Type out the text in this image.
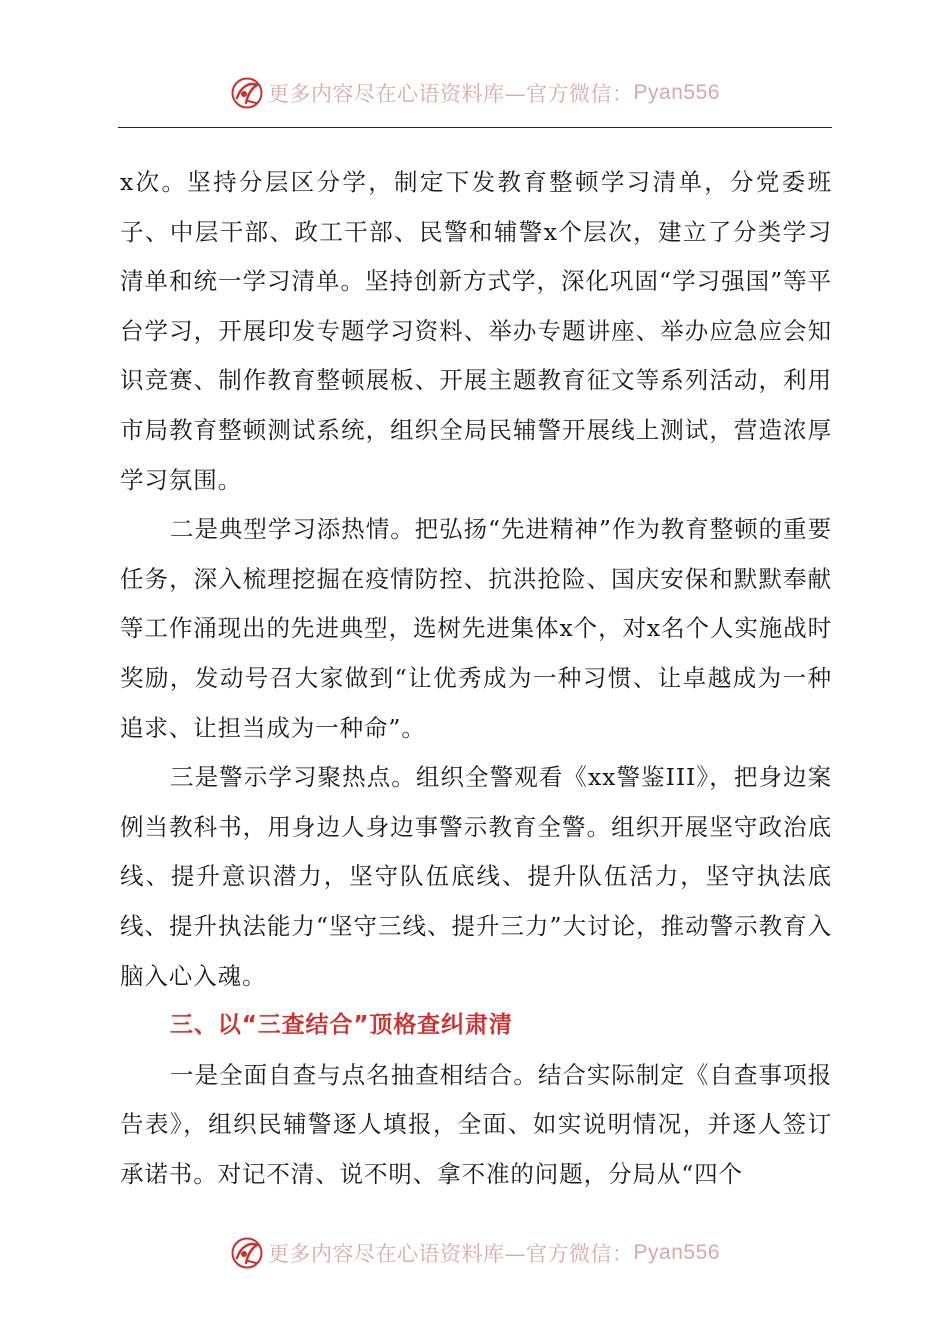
更多内容尽在心语资料库—官方微信： Pyan556

x次。坚持分层区分学，制定下发教育整顿学习清单，分党委班子、中层干部、政工干部、民警和辅警x个层次，建立了分类学习清单和统一学习清单。坚持创新方式学，深化巩固“学习强国”等平台学习，开展印发专题学习资料、举办专题讲座、举办应急应会知识竞赛、制作教育整顿展板、开展主题教育征文等系列活动，利用市局教育整顿测试系统，组织全局民辅警开展线上测试，营造浓厚学习氛围。

二是典型学习添热情。把弘扬“先进精神”作为教育整顿的重要任务，深入梳理挖掘在疫情防控、抗洪抢险、国庆安保和默默奉献等工作涌现出的先进典型，选树先进集体x个，对x名个人实施战时奖励，发动号召大家做到“让优秀成为一种习惯、让卓越成为一种追求、让担当成为一种命”。

三是警示学习聚热点。组织全警观看《xx警鉴III》，把身边案例当教科书，用身边人身边事警示教育全警。组织开展坚守政治底线、提升意识潜力，坚守队伍底线、提升队伍活力，坚守执法底线、提升执法能力“坚守三线、提升三力”大讨论，推动警示教育入脑入心入魂。

三、以“三查结合”顶格查纠肃清

一是全面自查与点名抽查相结合。结合实际制定《自查事项报告表》，组织民辅警逐人填报，全面、如实说明情况，并逐人签订承诺书。对记不清、说不明、拿不准的问题，分局从“四个

更多内容尽在心语资料库—官方微信： Pyan556
